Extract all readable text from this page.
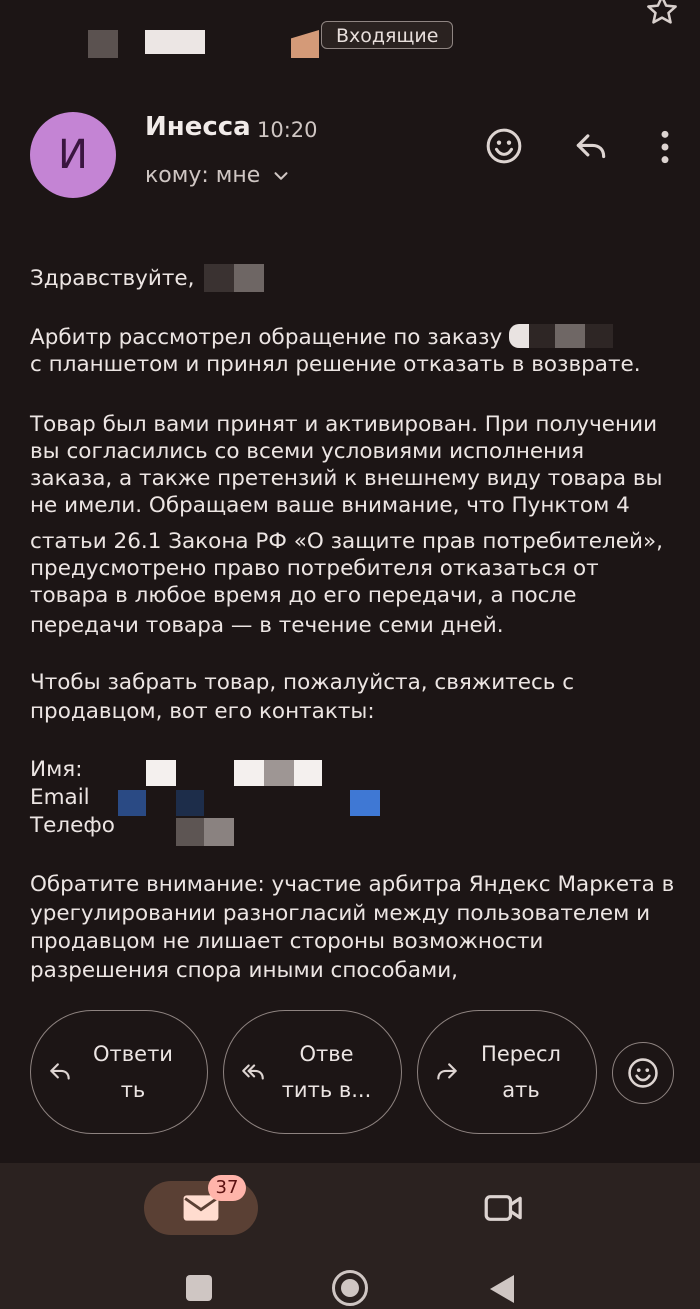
Входящие
И
Инесса 10:20
кому: мне
Здравствуйте,
Арбитр рассмотрел обращение по заказу
с планшетом и принял решение отказать в возврате.
Товар был вами принят и активирован. При получении
вы согласились со всеми условиями исполнения
заказа, а также претензий к внешнему виду товара вы
не имели. Обращаем ваше внимание, что Пунктом 4
статьи 26.1 Закона РФ «О защите прав потребителей»,
предусмотрено право потребителя отказаться от
товара в любое время до его передачи, а после
передачи товара — в течение семи дней.
Чтобы забрать товар, пожалуйста, свяжитесь с
продавцом, вот его контакты:
Имя:
Email
Телефо
Обратите внимание: участие арбитра Яндекс Маркета в
урегулировании разногласий между пользователем и
продавцом не лишает стороны возможности
разрешения спора иными способами,
Ответи
ть
Отве
тить в...
Пересл
ать
37
